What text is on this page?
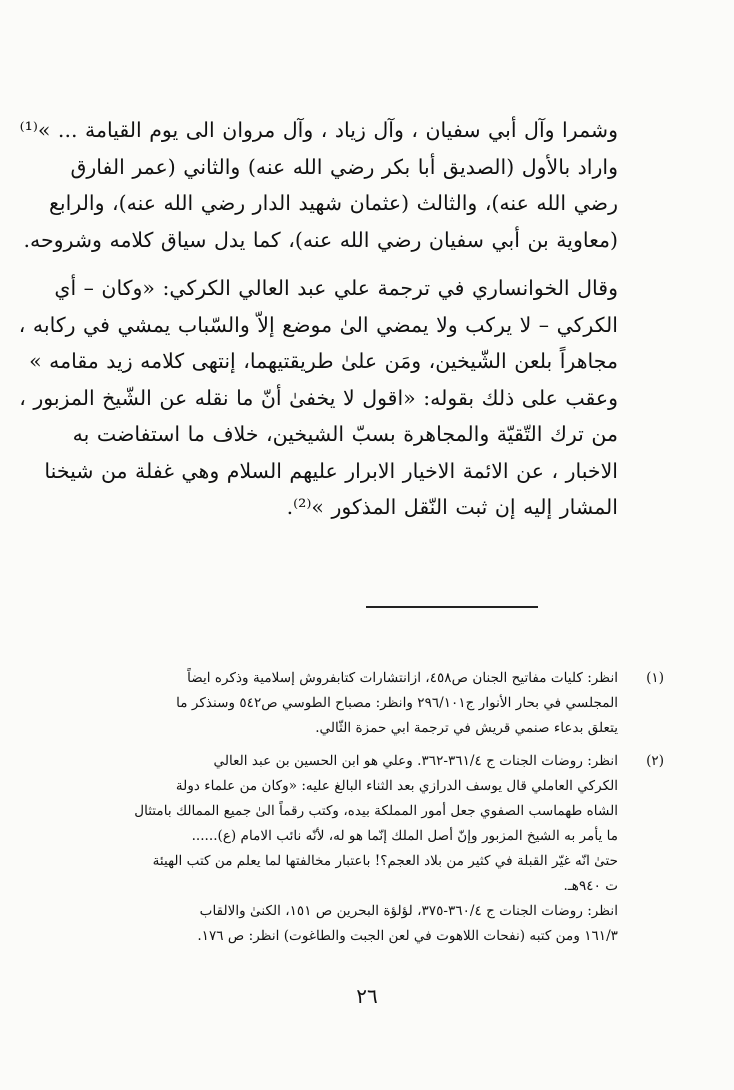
وشمرا وآل أبي سفيان ، وآل زياد ، وآل مروان الى يوم القيامة ... »⁽¹⁾
واراد بالأول (الصديق أبا بكر رضي الله عنه) والثاني (عمر الفارق
رضي الله عنه)، والثالث (عثمان شهيد الدار رضي الله عنه)، والرابع
(معاوية بن أبي سفيان رضي الله عنه)، كما يدل سياق كلامه وشروحه.
وقال الخوانساري في ترجمة علي عبد العالي الكركي: «وكان – أي
الكركي – لا يركب ولا يمضي الىٰ موضع إلاّ والسّباب يمشي في ركابه ،
مجاهراً بلعن الشّيخين، ومَن علىٰ طريقتيهما، إنتهى كلامه زيد مقامه »
وعقب على ذلك بقوله: «اقول لا يخفىٰ أنّ ما نقله عن الشّيخ المزبور ،
من ترك التّقيّة والمجاهرة بسبّ الشيخين، خلاف ما استفاضت به
الاخبار ، عن الائمة الاخيار الابرار عليهم السلام وهي غفلة من شيخنا
المشار إليه إن ثبت النّقل المذكور »⁽²⁾.
(١)
انظر: كليات مفاتيح الجنان ص٤٥٨، ازانتشارات كتابفروش إسلامية وذكره ايضاً
المجلسي في بحار الأنوار ج٢٩٦/١٠١ وانظر: مصباح الطوسي ص٥٤٢ وسنذكر ما
يتعلق بدعاء صنمي قريش في ترجمة ابي حمزة الثّالي.
(٢)
انظر: روضات الجنات ج ٣٦١/٤-٣٦٢. وعلي هو ابن الحسين بن عبد العالي
الكركي العاملي قال يوسف الدرازي بعد الثناء البالغ عليه: «وكان من علماء دولة
الشاه طهماسب الصفوي جعل أمور المملكة بيده، وكتب رقماً الىٰ جميع الممالك بامتثال
ما يأمر به الشيخ المزبور وإنّ أصل الملك إنّما هو له، لأنّه نائب الامام (ع)......
حتىٰ انّه غيّر القبلة في كثير من بلاد العجم؟! باعتبار مخالفتها لما يعلم من كتب الهيئة
ت ٩٤٠هـ.
انظر: روضات الجنات ج ٣٦٠/٤-٣٧٥، لؤلؤة البحرين ص ١٥١، الكنىٰ والالقاب
١٦١/٣ ومن كتبه (نفحات اللاهوت في لعن الجبت والطاغوت) انظر: ص ١٧٦.
٢٦
